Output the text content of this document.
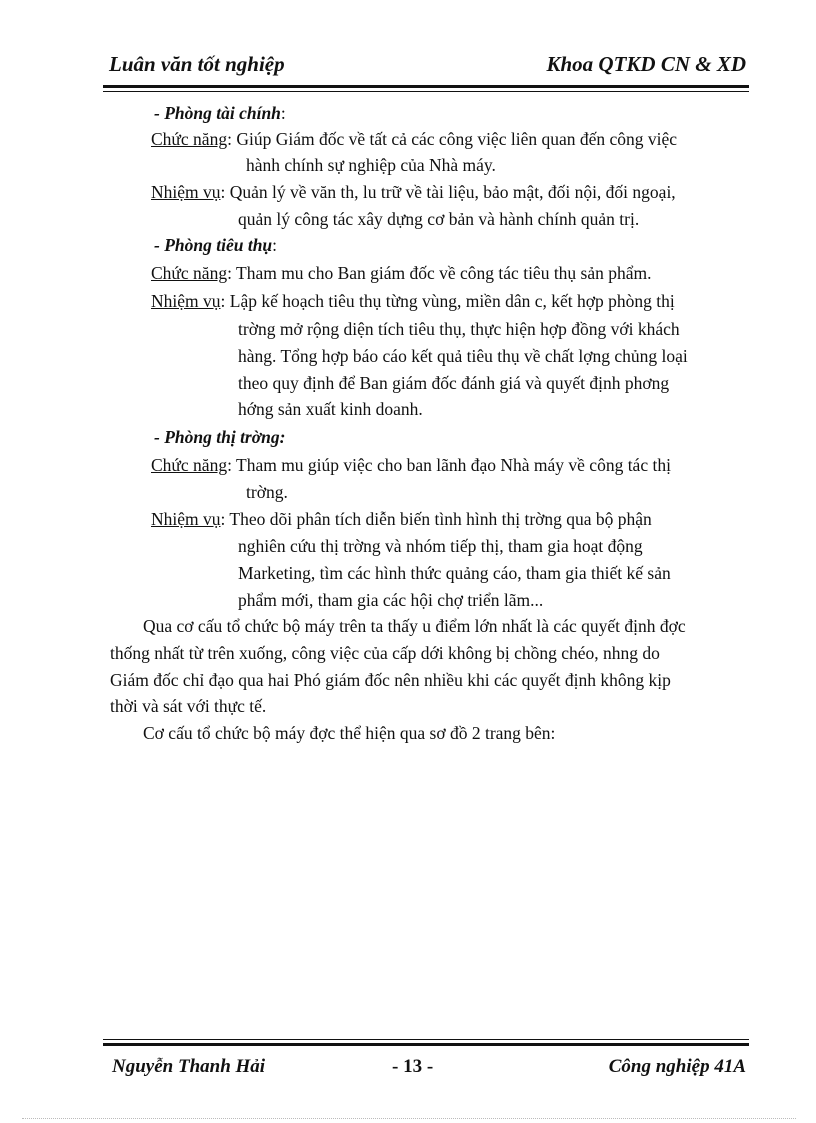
Luân văn tốt nghiệp	Khoa QTKD CN & XD
- Phòng tài chính:
Chức năng: Giúp Giám đốc về tất cả các công việc liên quan đến công việc
hành chính sự nghiệp của Nhà máy.
Nhiệm vụ: Quản lý về văn th, lu trữ về tài liệu, bảo mật, đối nội, đối ngoại,
quản lý công tác xây dựng cơ bản và hành chính quản trị.
- Phòng tiêu thụ:
Chức năng: Tham mu cho Ban giám đốc về công tác tiêu thụ sản phẩm.
Nhiệm vụ: Lập kế hoạch tiêu thụ từng vùng, miền dân c, kết hợp phòng thị
trờng mở rộng diện tích tiêu thụ, thực hiện hợp đồng với khách
hàng. Tổng hợp báo cáo kết quả tiêu thụ về chất lợng chủng loại
theo quy định để Ban giám đốc đánh giá và quyết định phơng
hớng sản xuất kinh doanh.
- Phòng thị trờng:
Chức năng: Tham mu giúp việc cho ban lãnh đạo Nhà máy về công tác thị
trờng.
Nhiệm vụ: Theo dõi phân tích diễn biến tình hình thị trờng qua bộ phận
nghiên cứu thị trờng và nhóm tiếp thị, tham gia hoạt động
Marketing, tìm các hình thức quảng cáo, tham gia thiết kế sản
phẩm mới, tham gia các hội chợ triển lãm...
Qua cơ cấu tổ chức bộ máy trên ta thấy u điểm lớn nhất là các quyết định đợc
thống nhất từ trên xuống, công việc của cấp dới không bị chồng chéo, nhng do
Giám đốc chỉ đạo qua hai Phó giám đốc nên nhiều khi các quyết định không kịp
thời và sát với thực tế.
Cơ cấu tổ chức bộ máy đợc thể hiện qua sơ đồ 2 trang bên:
Nguyễn Thanh Hải	- 13 -	Công nghiệp 41A
